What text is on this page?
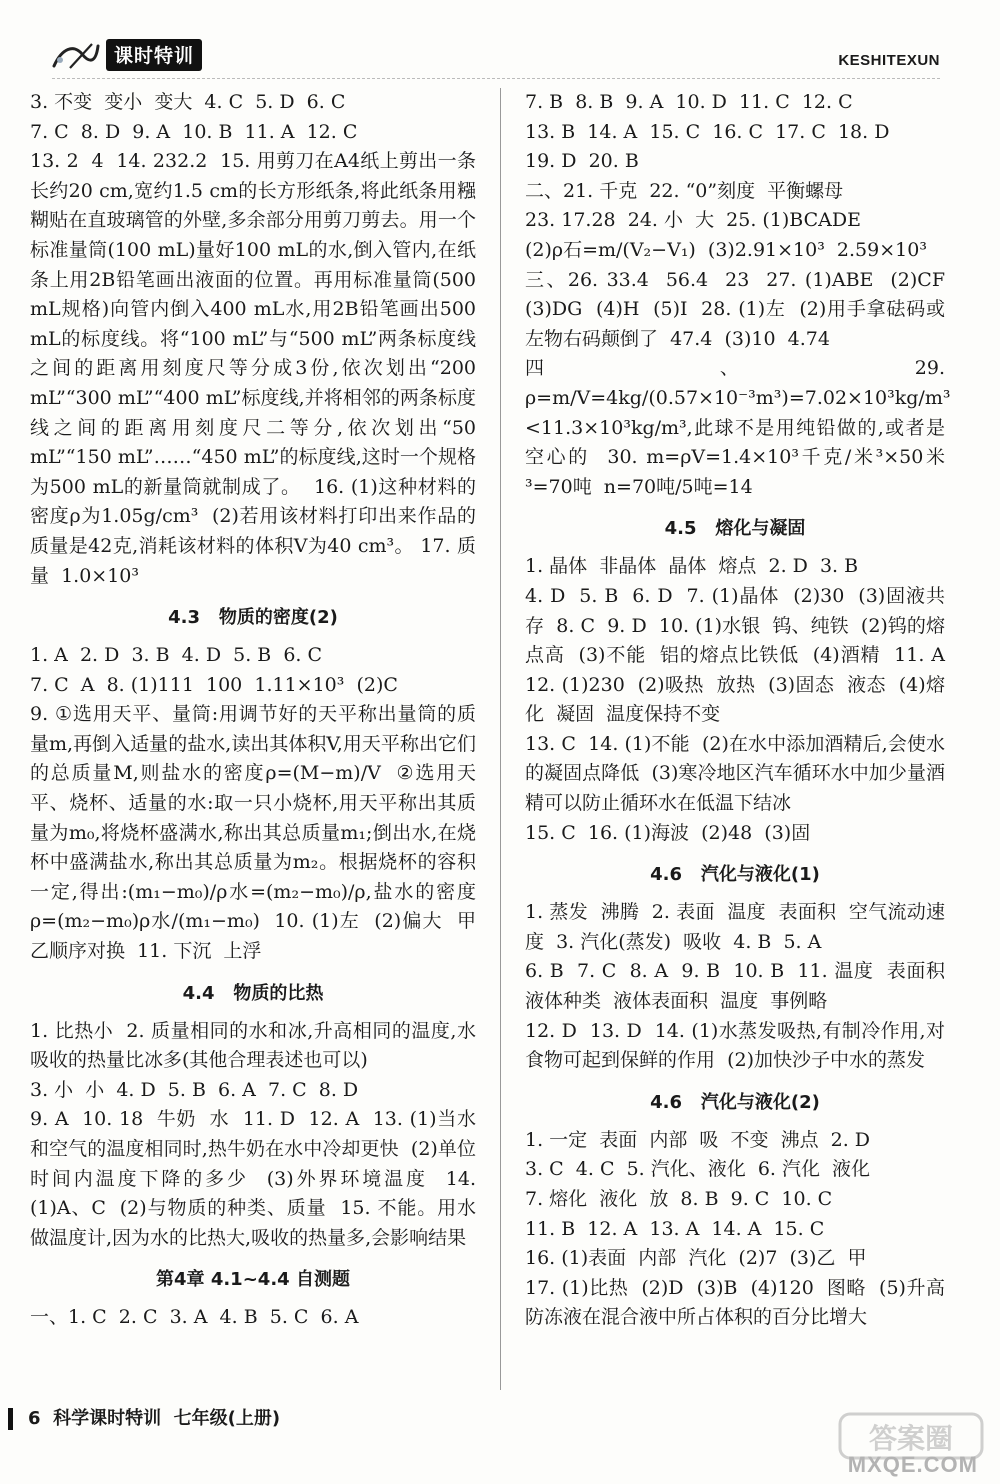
课时特训	KESHITEXUN
3. 不变  变小  变大  4. C  5. D  6. C
7. C  8. D  9. A  10. B  11. A  12. C
13. 2  4  14. 232.2  15. 用剪刀在A4纸上剪出一条长约20 cm,宽约1.5 cm的长方形纸条,将此纸条用糨糊贴在直玻璃管的外壁,多余部分用剪刀剪去。用一个标准量筒(100 mL)量好100 mL的水,倒入管内,在纸条上用2B铅笔画出液面的位置。再用标准量筒(500 mL规格)向管内倒入400 mL水,用2B铅笔画出500 mL的标度线。将“100 mL”与“500 mL”两条标度线之间的距离用刻度尺等分成3份,依次划出“200 mL”“300 mL”“400 mL”标度线,并将相邻的两条标度线之间的距离用刻度尺二等分,依次划出“50 mL”“150 mL”……“450 mL”的标度线,这时一个规格为500 mL的新量筒就制成了。  16. (1)这种材料的密度ρ为1.05g/cm³  (2)若用该材料打印出来作品的质量是42克,消耗该材料的体积V为40 cm³。 17. 质量  1.0×10³
4.3   物质的密度(2)
1. A  2. D  3. B  4. D  5. B  6. C
7. C  A  8. (1)111  100  1.11×10³  (2)C
9. ①选用天平、量筒:用调节好的天平称出量筒的质量m,再倒入适量的盐水,读出其体积V,用天平称出它们的总质量M,则盐水的密度ρ=(M−m)/V  ②选用天平、烧杯、适量的水:取一只小烧杯,用天平称出其质量为m₀,将烧杯盛满水,称出其总质量m₁;倒出水,在烧杯中盛满盐水,称出其总质量为m₂。根据烧杯的容积一定,得出:(m₁−m₀)/ρ水=(m₂−m₀)/ρ,盐水的密度ρ=(m₂−m₀)ρ水/(m₁−m₀)  10. (1)左  (2)偏大  甲乙顺序对换  11. 下沉  上浮
4.4   物质的比热
1. 比热小  2. 质量相同的水和冰,升高相同的温度,水吸收的热量比冰多(其他合理表述也可以)
3. 小  小  4. D  5. B  6. A  7. C  8. D
9. A  10. 18  牛奶  水  11. D  12. A  13. (1)当水和空气的温度相同时,热牛奶在水中冷却更快  (2)单位时间内温度下降的多少  (3)外界环境温度  14. (1)A、C  (2)与物质的种类、质量  15. 不能。用水做温度计,因为水的比热大,吸收的热量多,会影响结果
第4章 4.1~4.4 自测题
一、1. C  2. C  3. A  4. B  5. C  6. A
7. B  8. B  9. A  10. D  11. C  12. C
13. B  14. A  15. C  16. C  17. C  18. D
19. D  20. B
二、21. 千克  22. “0”刻度  平衡螺母
23. 17.28  24. 小  大  25. (1)BCADE
(2)ρ石=m/(V₂−V₁)  (3)2.91×10³  2.59×10³
三、26. 33.4  56.4  23  27. (1)ABE  (2)CF  (3)DG  (4)H  (5)I  28. (1)左  (2)用手拿砝码或左物右码颠倒了  47.4  (3)10  4.74
四、29. ρ=m/V=4kg/(0.57×10⁻³m³)=7.02×10³kg/m³ <11.3×10³kg/m³,此球不是用纯铅做的,或者是空心的  30. m=ρV=1.4×10³千克/米³×50米³=70吨  n=70吨/5吨=14
4.5   熔化与凝固
1. 晶体  非晶体  晶体  熔点  2. D  3. B
4. D  5. B  6. D  7. (1)晶体  (2)30  (3)固液共存  8. C  9. D  10. (1)水银  钨、纯铁  (2)钨的熔点高  (3)不能  铝的熔点比铁低  (4)酒精  11. A  12. (1)230  (2)吸热  放热  (3)固态  液态  (4)熔化  凝固  温度保持不变
13. C  14. (1)不能  (2)在水中添加酒精后,会使水的凝固点降低  (3)寒冷地区汽车循环水中加少量酒精可以防止循环水在低温下结冰
15. C  16. (1)海波  (2)48  (3)固
4.6   汽化与液化(1)
1. 蒸发  沸腾  2. 表面  温度  表面积  空气流动速度  3. 汽化(蒸发)  吸收  4. B  5. A
6. B  7. C  8. A  9. B  10. B  11. 温度  表面积  液体种类  液体表面积  温度  事例略
12. D  13. D  14. (1)水蒸发吸热,有制冷作用,对食物可起到保鲜的作用  (2)加快沙子中水的蒸发
4.6   汽化与液化(2)
1. 一定  表面  内部  吸  不变  沸点  2. D
3. C  4. C  5. 汽化、液化  6. 汽化  液化
7. 熔化  液化  放  8. B  9. C  10. C
11. B  12. A  13. A  14. A  15. C
16. (1)表面  内部  汽化  (2)7  (3)乙  甲
17. (1)比热  (2)D  (3)B  (4)120  图略  (5)升高  防冻液在混合液中所占体积的百分比增大
6 科学课时特训  七年级(上册)
答案圈
MXQE.COM
